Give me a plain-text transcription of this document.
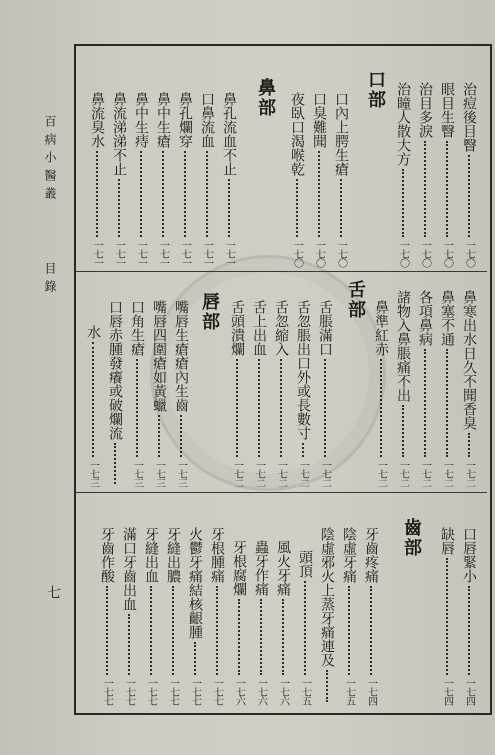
百病小醫叢
目錄
七
治痘後目瞖
一七〇
眼目生瞖
一七〇
治目多淚
一七〇
治瞳人散大方
一七〇
口部
口內上腭生瘡
一七〇
口臭難聞
一七〇
夜臥口渴喉乾
一七〇
鼻部
鼻孔流血不止
一七一
口鼻流血
一七一
鼻孔爛穿
一七一
鼻中生瘡
一七一
鼻中生痔
一七一
鼻流涕涕不止
一七一
鼻流臭水
一七一
鼻寒出水日久不聞香臭
一七二
鼻塞不通
一七二
各項鼻病
一七二
諸物入鼻脹痛不出
一七二
鼻準紅赤
一七二
舌部
舌脹滿口
一七二
舌忽脹出口外或長數寸
一七二
舌忽縮入
一七二
舌上出血
一七二
舌頭潰爛
一七二
唇部
嘴唇生瘡瘡內生齒
一七三
嘴唇四圍瘡如黃蠟
一七三
口角生瘡
一七三
口唇赤腫發癢或破爛流
水
一七三
口唇緊小
一七四
缺唇
一七四
齒部
牙齒疼痛
一七四
陰虛牙痛
一七五
陰虛邪火上蒸牙痛連及
頭頂
一七五
風火牙痛
一七六
蟲牙作痛
一七六
牙根腐爛
一七六
牙根腫痛
一七七
火鬱牙痛結核齦腫
一七七
牙縫出膿
一七七
牙縫出血
一七七
滿口牙齒出血
一七七
牙齒作酸
一七七
